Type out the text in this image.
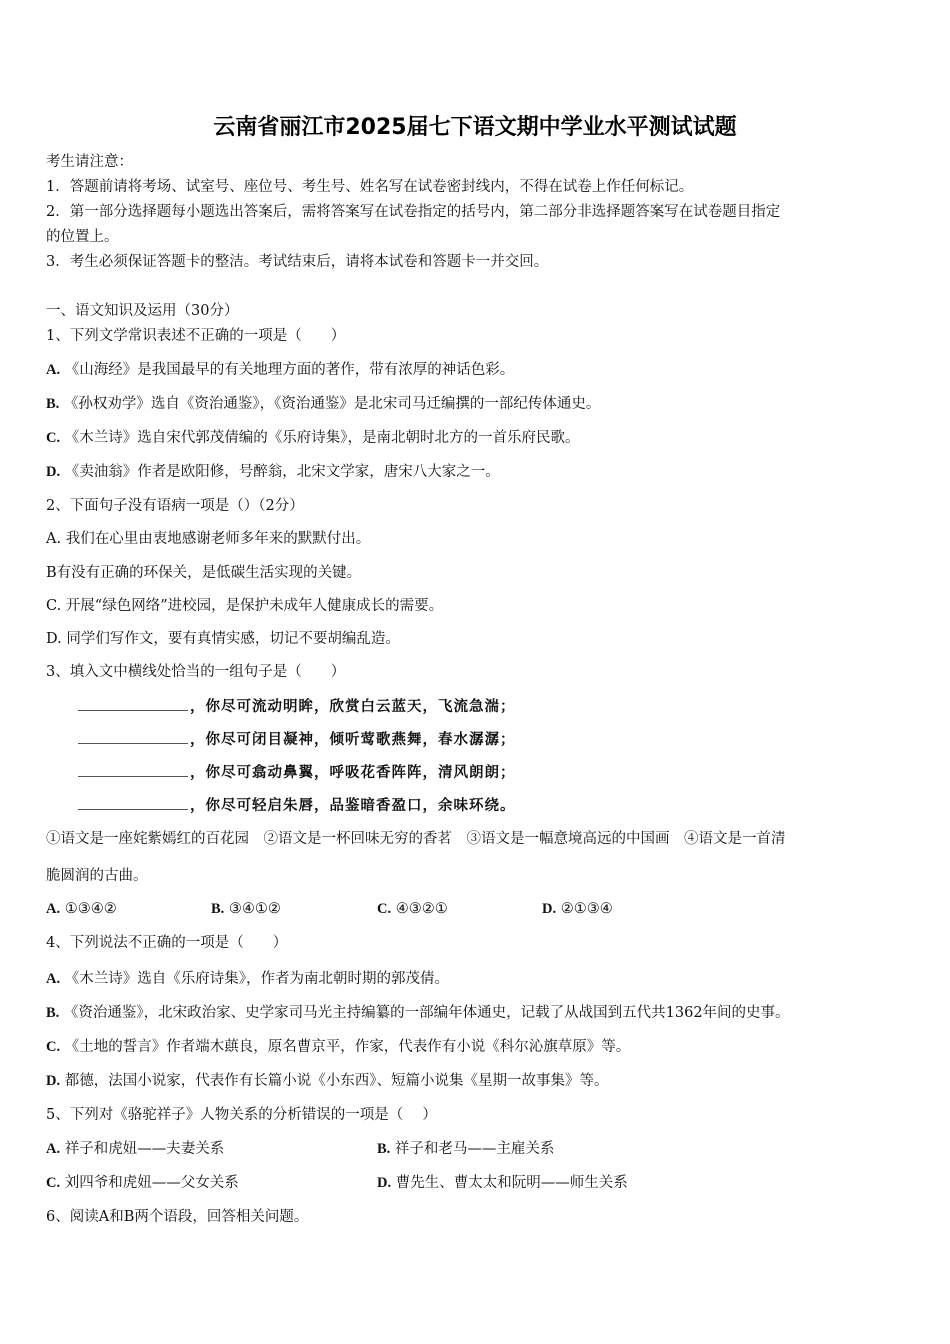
云南省丽江市2025届七下语文期中学业水平测试试题
考生请注意：
1．答题前请将考场、试室号、座位号、考生号、姓名写在试卷密封线内，不得在试卷上作任何标记。
2．第一部分选择题每小题选出答案后，需将答案写在试卷指定的括号内，第二部分非选择题答案写在试卷题目指定
的位置上。
3．考生必须保证答题卡的整洁。考试结束后，请将本试卷和答题卡一并交回。
一、语文知识及运用（30分）
1、下列文学常识表述不正确的一项是（　　）
A. 《山海经》是我国最早的有关地理方面的著作，带有浓厚的神话色彩。
B. 《孙权劝学》选自《资治通鉴》，《资治通鉴》是北宋司马迁编撰的一部纪传体通史。
C. 《木兰诗》选自宋代郭茂倩编的《乐府诗集》，是南北朝时北方的一首乐府民歌。
D. 《卖油翁》作者是欧阳修，号醉翁，北宋文学家，唐宋八大家之一。
2、下面句子没有语病一项是（）（2分）
A. 我们在心里由衷地感谢老师多年来的默默付出。
B有没有正确的环保关，是低碳生活实现的关键。
C. 开展“绿色网络”进校园，是保护未成年人健康成长的需要。
D. 同学们写作文，要有真情实感，切记不要胡编乱造。
3、填入文中横线处恰当的一组句子是（　　）
，你尽可流动明眸，欣赏白云蓝天，飞流急湍；
，你尽可闭目凝神，倾听莺歌燕舞，春水潺潺；
，你尽可翕动鼻翼，呼吸花香阵阵，清风朗朗；
，你尽可轻启朱唇，品鉴暗香盈口，余味环绕。
①语文是一座姹紫嫣红的百花园　②语文是一杯回味无穷的香茗　③语文是一幅意境高远的中国画　④语文是一首清
脆圆润的古曲。
A. ①③④②	B. ③④①②	C. ④③②①	D. ②①③④
4、下列说法不正确的一项是（　　）
A. 《木兰诗》选自《乐府诗集》，作者为南北朝时期的郭茂倩。
B. 《资治通鉴》，北宋政治家、史学家司马光主持编纂的一部编年体通史，记载了从战国到五代共1362年间的史事。
C. 《土地的誓言》作者端木蕻良，原名曹京平，作家，代表作有小说《科尔沁旗草原》等。
D. 都德，法国小说家，代表作有长篇小说《小东西》、短篇小说集《星期一故事集》等。
5、下列对《骆驼祥子》人物关系的分析错误的一项是（　 ）
A. 祥子和虎妞——夫妻关系	B. 祥子和老马——主雇关系
C. 刘四爷和虎妞——父女关系	D. 曹先生、曹太太和阮明——师生关系
6、阅读A和B两个语段，回答相关问题。
